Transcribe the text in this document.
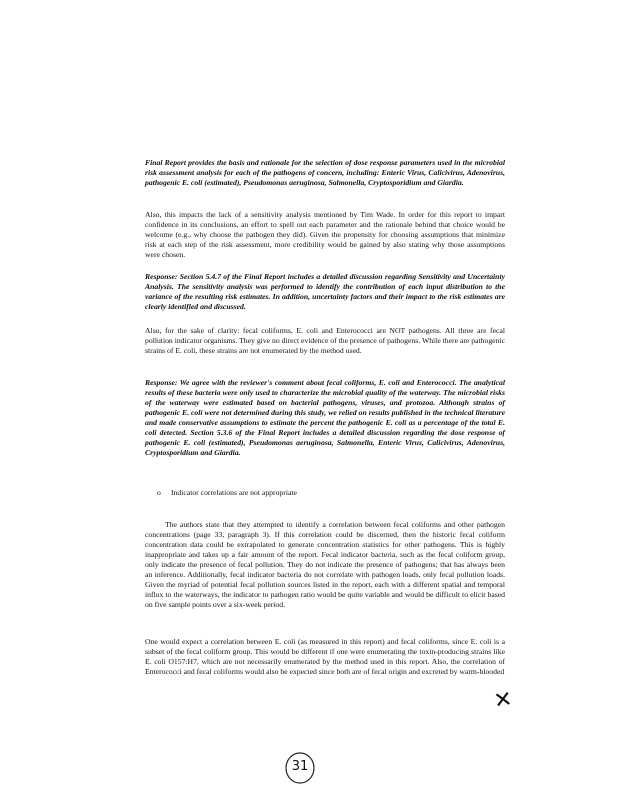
Final Report provides the basis and rationale for the selection of dose response parameters used in the microbial risk assessment analysis for each of the pathogens of concern, including: Enteric Virus, Calicivirus, Adenovirus, pathogenic E. coli (estimated), Pseudomonas aeruginosa, Salmonella, Cryptosporidium and Giardia.
Also, this impacts the lack of a sensitivity analysis mentioned by Tim Wade. In order for this report to impart confidence in its conclusions, an effort to spell out each parameter and the rationale behind that choice would be welcome (e.g., why choose the pathogen they did). Given the propensity for choosing assumptions that minimize risk at each step of the risk assessment, more credibility would be gained by also stating why those assumptions were chosen.
Response: Section 5.4.7 of the Final Report includes a detailed discussion regarding Sensitivity and Uncertainty Analysis. The sensitivity analysis was performed to identify the contribution of each input distribution to the variance of the resulting risk estimates. In addition, uncertainty factors and their impact to the risk estimates are clearly identified and discussed.
Also, for the sake of clarity: fecal coliforms, E. coli and Enterococci are NOT pathogens. All three are fecal pollution indicator organisms. They give no direct evidence of the presence of pathogens. While there are pathogenic strains of E. coli, these strains are not enumerated by the method used.
Response: We agree with the reviewer's comment about fecal coliforms, E. coli and Enterococci. The analytical results of these bacteria were only used to characterize the microbial quality of the waterway. The microbial risks of the waterway were estimated based on bacterial pathogens, viruses, and protozoa. Although strains of pathogenic E. coli were not determined during this study, we relied on results published in the technical literature and made conservative assumptions to estimate the percent the pathogenic E. coli as a percentage of the total E. coli detected. Section 5.3.6 of the Final Report includes a detailed discussion regarding the dose response of pathogenic E. coli (estimated), Pseudomonas aeruginosa, Salmonella, Enteric Virus, Calicivirus, Adenovirus, Cryptosporidium and Giardia.
o Indicator correlations are not appropriate
The authors state that they attempted to identify a correlation between fecal coliforms and other pathogen concentrations (page 33, paragraph 3). If this correlation could be discerned, then the historic fecal coliform concentration data could be extrapolated to generate concentration statistics for other pathogens. This is highly inappropriate and takes up a fair amount of the report. Fecal indicator bacteria, such as the fecal coliform group, only indicate the presence of fecal pollution. They do not indicate the presence of pathogens; that has always been an inference. Additionally, fecal indicator bacteria do not correlate with pathogen loads, only fecal pollution loads. Given the myriad of potential fecal pollution sources listed in the report, each with a different spatial and temporal influx to the waterways, the indicator to pathogen ratio would be quite variable and would be difficult to elicit based on five sample points over a six-week period.
One would expect a correlation between E. coli (as measured in this report) and fecal coliforms, since E. coli is a subset of the fecal coliform group. This would be different if one were enumerating the toxin-producing strains like E. coli O157:H7, which are not necessarily enumerated by the method used in this report. Also, the correlation of Enterococci and fecal coliforms would also be expected since both are of fecal origin and excreted by warm-blooded
✕
31
